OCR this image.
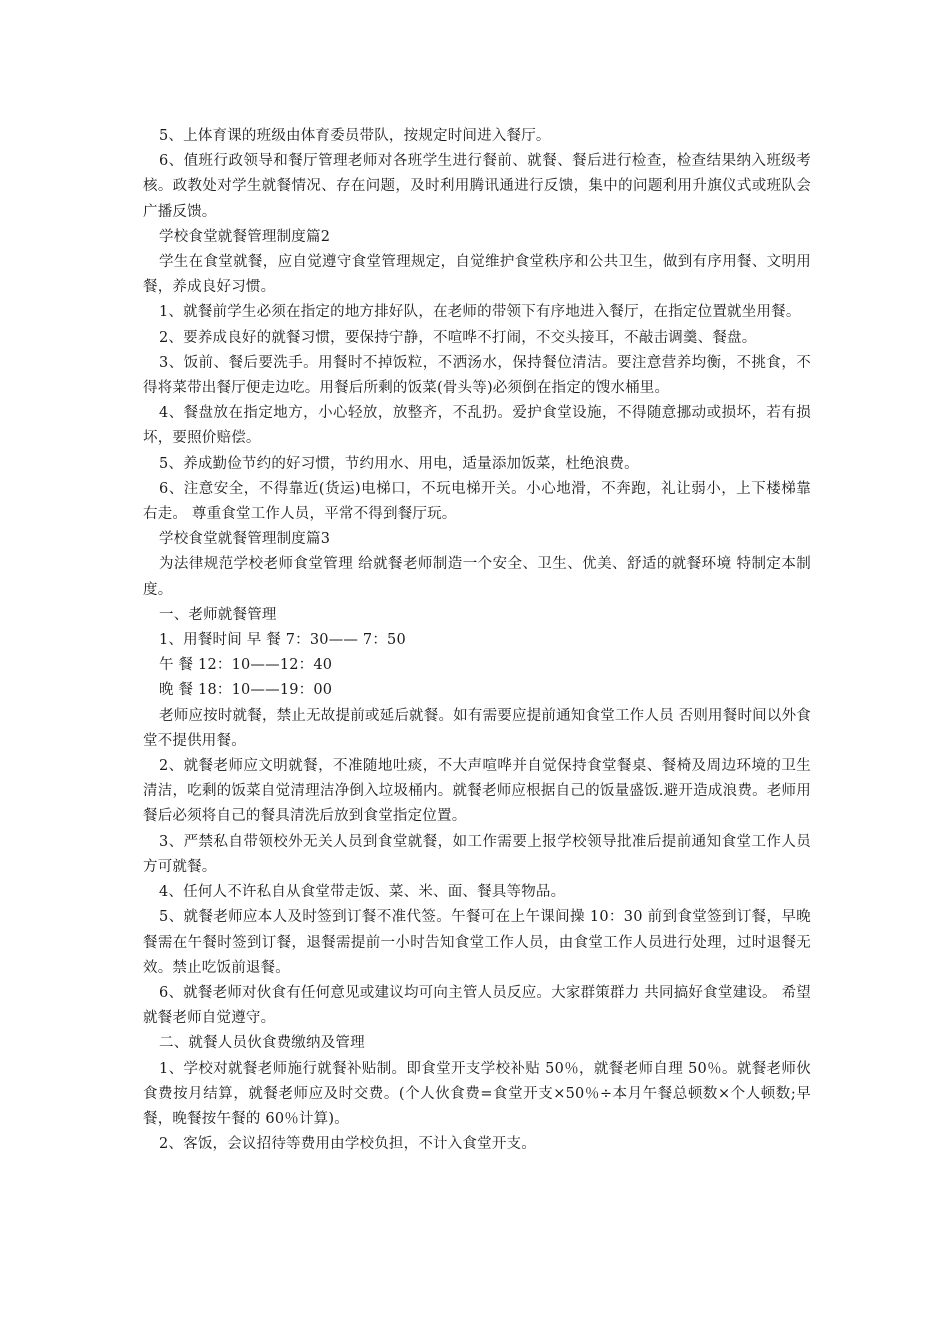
5、上体育课的班级由体育委员带队，按规定时间进入餐厅。

6、值班行政领导和餐厅管理老师对各班学生进行餐前、就餐、餐后进行检查，检查结果纳入班级考核。政教处对学生就餐情况、存在问题，及时利用腾讯通进行反馈，集中的问题利用升旗仪式或班队会广播反馈。

学校食堂就餐管理制度篇2

学生在食堂就餐，应自觉遵守食堂管理规定，自觉维护食堂秩序和公共卫生，做到有序用餐、文明用餐，养成良好习惯。

1、就餐前学生必须在指定的地方排好队，在老师的带领下有序地进入餐厅，在指定位置就坐用餐。

2、要养成良好的就餐习惯，要保持宁静，不喧哗不打闹，不交头接耳，不敲击调羹、餐盘。

3、饭前、餐后要洗手。用餐时不掉饭粒，不洒汤水，保持餐位清洁。要注意营养均衡，不挑食，不得将菜带出餐厅便走边吃。用餐后所剩的饭菜(骨头等)必须倒在指定的馊水桶里。

4、餐盘放在指定地方，小心轻放，放整齐，不乱扔。爱护食堂设施，不得随意挪动或损坏，若有损坏，要照价赔偿。

5、养成勤俭节约的好习惯，节约用水、用电，适量添加饭菜，杜绝浪费。

6、注意安全，不得靠近(货运)电梯口，不玩电梯开关。小心地滑，不奔跑，礼让弱小，上下楼梯靠右走。 尊重食堂工作人员，平常不得到餐厅玩。

学校食堂就餐管理制度篇3

为法律规范学校老师食堂管理 给就餐老师制造一个安全、卫生、优美、舒适的就餐环境 特制定本制度。

一、老师就餐管理

1、用餐时间 早 餐 7：30—— 7：50

午 餐 12：10——12：40

晚 餐 18：10——19：00

老师应按时就餐，禁止无故提前或延后就餐。如有需要应提前通知食堂工作人员 否则用餐时间以外食堂不提供用餐。

2、就餐老师应文明就餐，不准随地吐痰，不大声喧哗并自觉保持食堂餐桌、餐椅及周边环境的卫生清洁，吃剩的饭菜自觉清理洁净倒入垃圾桶内。就餐老师应根据自己的饭量盛饭.避开造成浪费。老师用餐后必须将自己的餐具清洗后放到食堂指定位置。

3、严禁私自带领校外无关人员到食堂就餐，如工作需要上报学校领导批准后提前通知食堂工作人员方可就餐。

4、任何人不许私自从食堂带走饭、菜、米、面、餐具等物品。

5、就餐老师应本人及时签到订餐不准代签。午餐可在上午课间操 10：30 前到食堂签到订餐，早晚餐需在午餐时签到订餐，退餐需提前一小时告知食堂工作人员，由食堂工作人员进行处理，过时退餐无效。禁止吃饭前退餐。

6、就餐老师对伙食有任何意见或建议均可向主管人员反应。大家群策群力 共同搞好食堂建设。 希望就餐老师自觉遵守。

二、就餐人员伙食费缴纳及管理

1、学校对就餐老师施行就餐补贴制。即食堂开支学校补贴 50％，就餐老师自理 50％。就餐老师伙食费按月结算，就餐老师应及时交费。(个人伙食费=食堂开支×50％÷本月午餐总顿数×个人顿数;早餐，晚餐按午餐的 60％计算)。

2、客饭，会议招待等费用由学校负担，不计入食堂开支。
